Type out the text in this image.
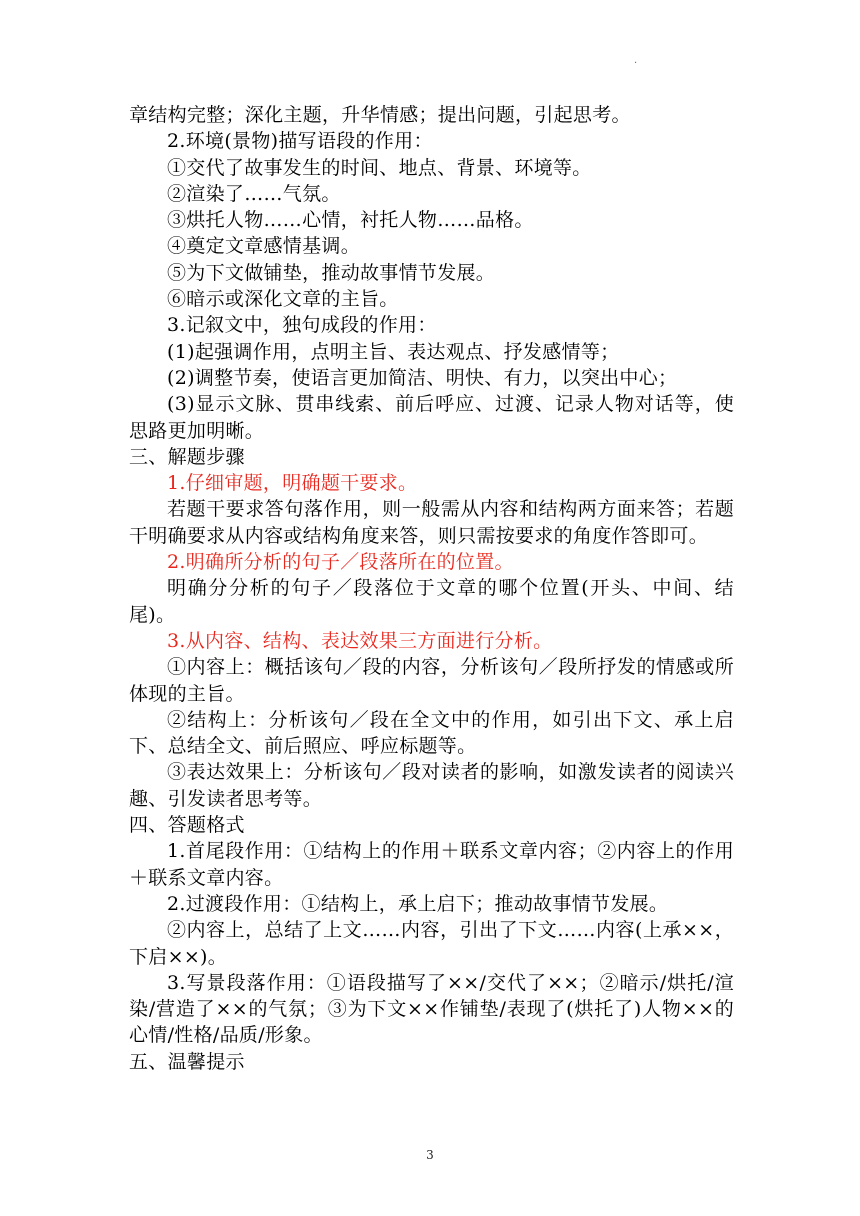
·

章结构完整；深化主题，升华情感；提出问题，引起思考。

2.环境(景物)描写语段的作用：

①交代了故事发生的时间、地点、背景、环境等。

②渲染了……气氛。

③烘托人物……心情，衬托人物……品格。

④奠定文章感情基调。

⑤为下文做铺垫，推动故事情节发展。

⑥暗示或深化文章的主旨。

3.记叙文中，独句成段的作用：

(1)起强调作用，点明主旨、表达观点、抒发感情等；

(2)调整节奏，使语言更加简洁、明快、有力，以突出中心；

(3)显示文脉、贯串线索、前后呼应、过渡、记录人物对话等，使思路更加明晰。

三、解题步骤

1.仔细审题，明确题干要求。

若题干要求答句落作用，则一般需从内容和结构两方面来答；若题干明确要求从内容或结构角度来答，则只需按要求的角度作答即可。

2.明确所分析的句子／段落所在的位置。

明确分分析的句子／段落位于文章的哪个位置(开头、中间、结尾)。

3.从内容、结构、表达效果三方面进行分析。

①内容上：概括该句／段的内容，分析该句／段所抒发的情感或所体现的主旨。

②结构上：分析该句／段在全文中的作用，如引出下文、承上启下、总结全文、前后照应、呼应标题等。

③表达效果上：分析该句／段对读者的影响，如激发读者的阅读兴趣、引发读者思考等。

四、答题格式

1.首尾段作用：①结构上的作用＋联系文章内容；②内容上的作用＋联系文章内容。

2.过渡段作用：①结构上，承上启下；推动故事情节发展。

②内容上，总结了上文……内容，引出了下文……内容(上承××，下启××)。

3.写景段落作用：①语段描写了××/交代了××；②暗示/烘托/渲染/营造了××的气氛；③为下文××作铺垫/表现了(烘托了)人物××的心情/性格/品质/形象。

五、温馨提示

3
